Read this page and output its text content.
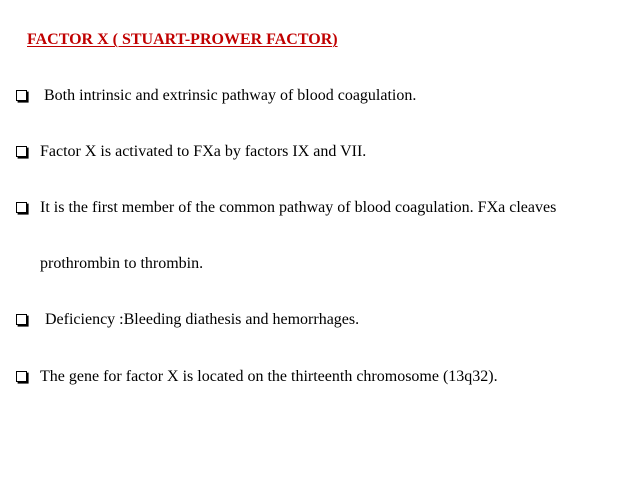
FACTOR X ( STUART-PROWER FACTOR)
Both intrinsic and extrinsic pathway of blood coagulation.
Factor X is activated to FXa by factors IX and VII.
It is the first member of the common pathway of blood coagulation. FXa cleaves
prothrombin to thrombin.
Deficiency :Bleeding diathesis and hemorrhages.
The gene for factor X is located on the thirteenth chromosome (13q32).
